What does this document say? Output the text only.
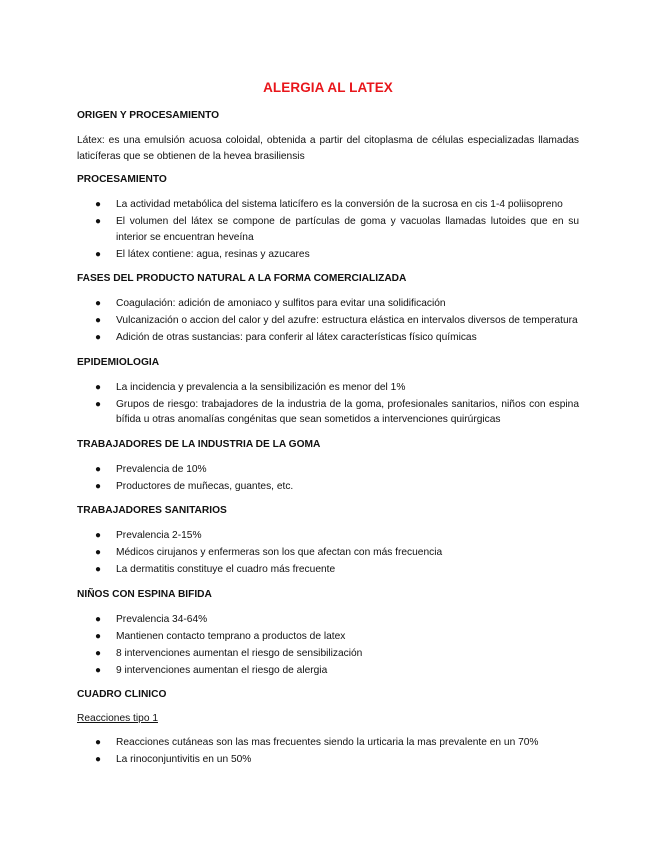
ALERGIA AL LATEX
ORIGEN Y PROCESAMIENTO

Látex: es una emulsión acuosa coloidal, obtenida a partir del citoplasma de células especializadas llamadas laticíferas que se obtienen de la hevea brasiliensis

PROCESAMIENTO
● La actividad metabólica del sistema laticífero es la conversión de la sucrosa en cis 1-4 poliisopreno
● El volumen del látex se compone de partículas de goma y vacuolas llamadas lutoides que en su interior se encuentran heveína
● El látex contiene: agua, resinas y azucares
FASES DEL PRODUCTO NATURAL A LA FORMA COMERCIALIZADA
● Coagulación: adición de amoniaco y sulfitos para evitar una solidificación
● Vulcanización o accion del calor y del azufre: estructura elástica en intervalos diversos de temperatura
● Adición de otras sustancias: para conferir al látex características físico químicas
EPIDEMIOLOGIA
● La incidencia y prevalencia a la sensibilización es menor del 1%
● Grupos de riesgo: trabajadores de la industria de la goma, profesionales sanitarios, niños con espina bífida u otras anomalías congénitas que sean sometidos a intervenciones quirúrgicas
TRABAJADORES DE LA INDUSTRIA DE LA GOMA
● Prevalencia de 10%
● Productores de muñecas, guantes, etc.
TRABAJADORES SANITARIOS
● Prevalencia 2-15%
● Médicos cirujanos y enfermeras son los que afectan con más frecuencia
● La dermatitis constituye el cuadro más frecuente
NIÑOS CON ESPINA BIFIDA
● Prevalencia 34-64%
● Mantienen contacto temprano a productos de latex
● 8 intervenciones aumentan el riesgo de sensibilización
● 9 intervenciones aumentan el riesgo de alergia
CUADRO CLINICO
Reacciones tipo 1
● Reacciones cutáneas son las mas frecuentes siendo la urticaria la mas prevalente en un 70%
● La rinoconjuntivitis en un 50%
